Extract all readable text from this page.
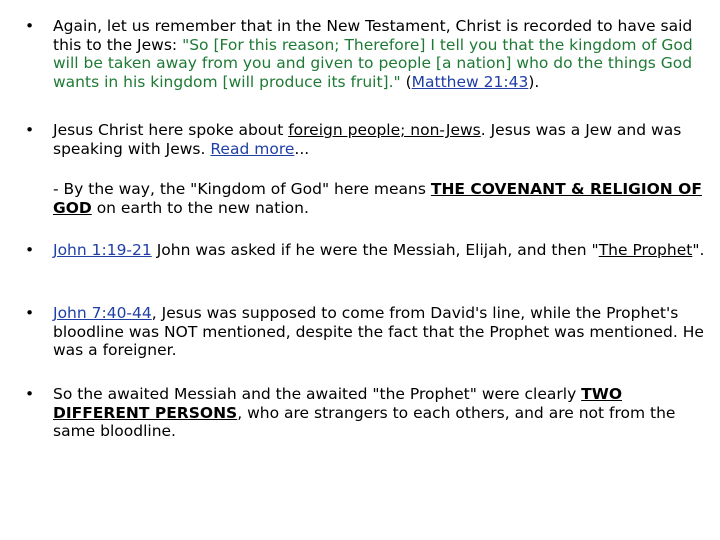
•	Again, let us remember that in the New Testament, Christ is recorded to have said this to the Jews: "So [For this reason; Therefore] I tell you that the kingdom of God will be taken away from you and given to people [a nation] who do the things God wants in his kingdom [will produce its fruit]." (Matthew 21:43).
•	Jesus Christ here spoke about foreign people; non-Jews. Jesus was a Jew and was speaking with Jews. Read more...
- By the way, the "Kingdom of God" here means THE COVENANT & RELIGION OF GOD on earth to the new nation.
•	John 1:19-21 John was asked if he were the Messiah, Elijah, and then "The Prophet".
•	John 7:40-44, Jesus was supposed to come from David's line, while the Prophet's bloodline was NOT mentioned, despite the fact that the Prophet was mentioned. He was a foreigner.
•	So the awaited Messiah and the awaited "the Prophet" were clearly TWO DIFFERENT PERSONS, who are strangers to each others, and are not from the same bloodline.
